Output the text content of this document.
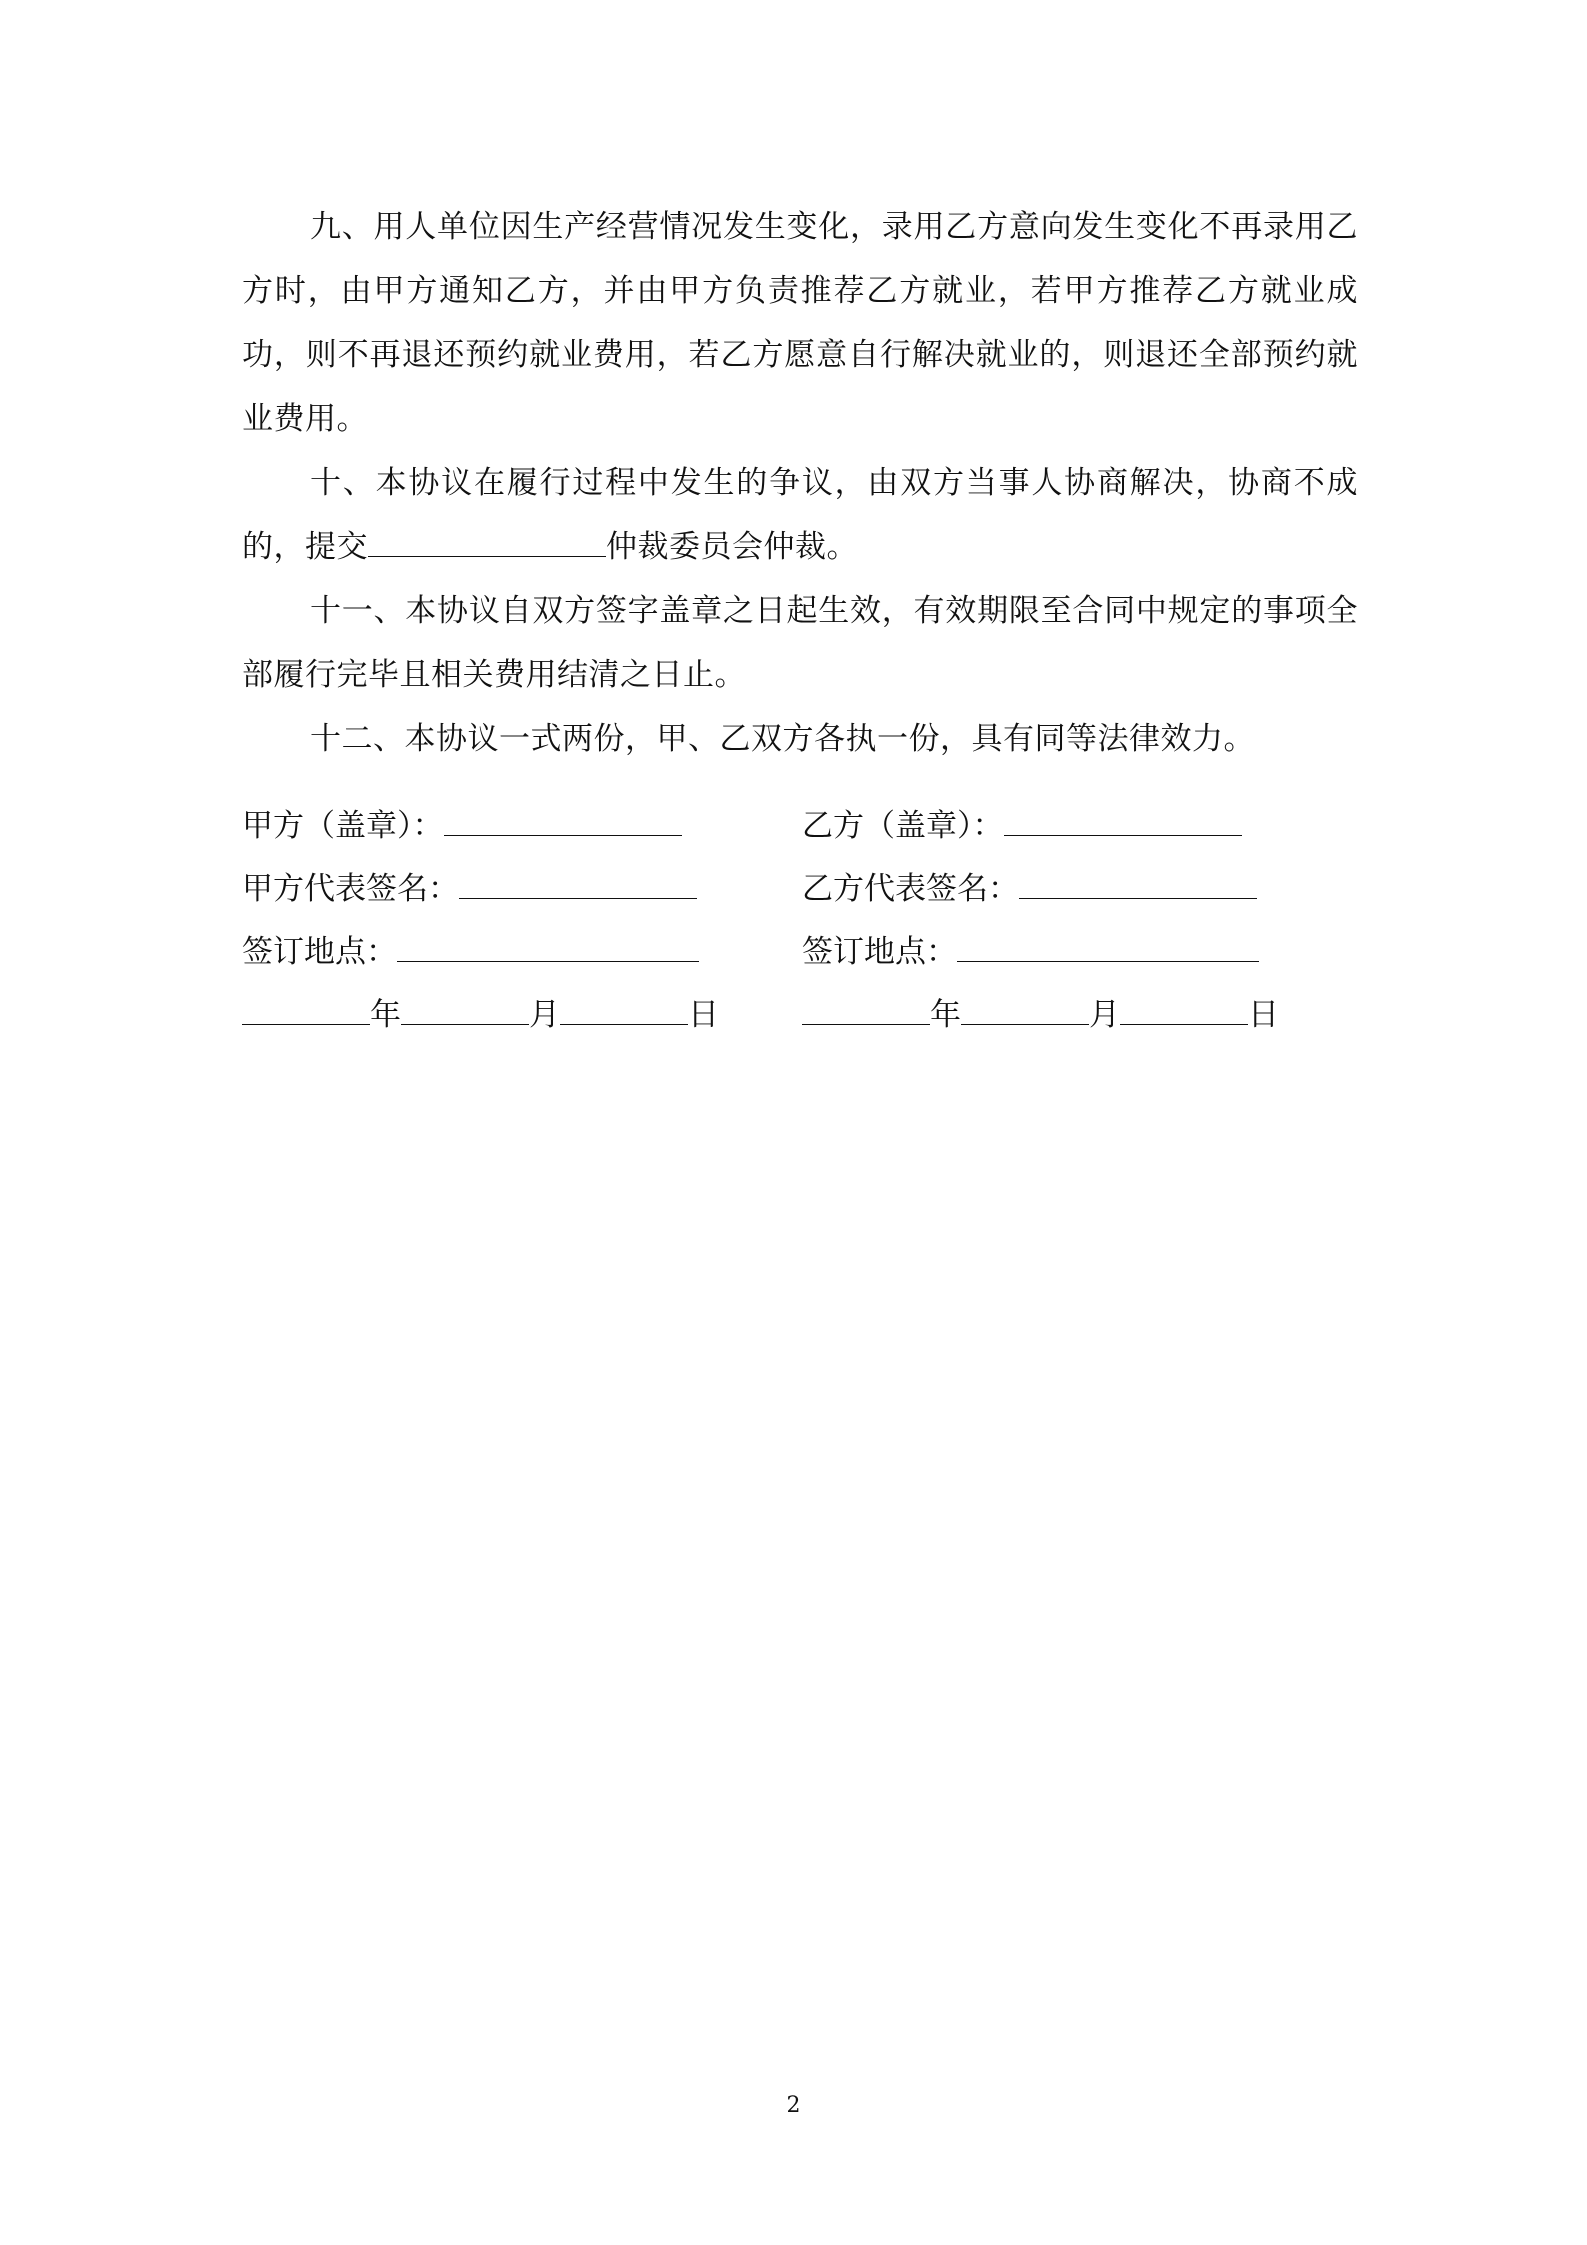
九、用人单位因生产经营情况发生变化，录用乙方意向发生变化不再录用乙方时，由甲方通知乙方，并由甲方负责推荐乙方就业，若甲方推荐乙方就业成功，则不再退还预约就业费用，若乙方愿意自行解决就业的，则退还全部预约就业费用。

十、本协议在履行过程中发生的争议，由双方当事人协商解决，协商不成的，提交	仲裁委员会仲裁。

十一、本协议自双方签字盖章之日起生效，有效期限至合同中规定的事项全部履行完毕且相关费用结清之日止。

十二、本协议一式两份，甲、乙双方各执一份，具有同等法律效力。

甲方（盖章）：	乙方（盖章）：
甲方代表签名：	乙方代表签名：
签订地点：	签订地点：
年	月	日	年	月	日
2
